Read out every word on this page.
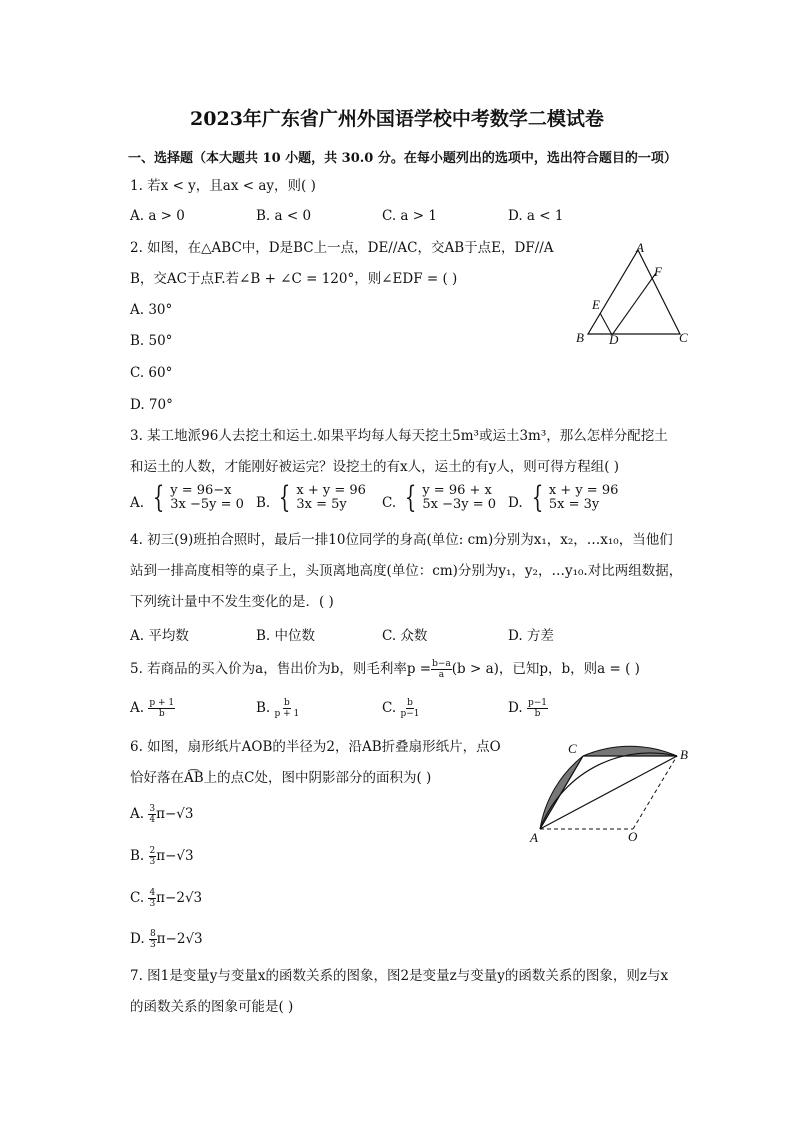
2023年广东省广州外国语学校中考数学二模试卷
一、选择题（本大题共 10 小题，共 30.0 分。在每小题列出的选项中，选出符合题目的一项）
1. 若x < y，且ax < ay，则( )
A. a > 0	B. a < 0	C. a > 1	D. a < 1
2. 如图，在△ABC中，D是BC上一点，DE//AC，交AB于点E，DF//A
B，交AC于点F.若∠B + ∠C = 120°，则∠EDF = ( )
A. 30°
B. 50°
C. 60°
D. 70°
A
B	C
D
E
F
3. 某工地派96人去挖土和运土.如果平均每人每天挖土5m³或运土3m³，那么怎样分配挖土
和运土的人数，才能刚好被运完？设挖土的有x人，运土的有y人，则可得方程组( )
A. { y = 96−x
3x −5y = 0 B. { x + y = 96
3x = 5y	C. { y = 96 + x
5x −3y = 0 D. { x + y = 96
5x = 3y
4. 初三(9)班拍合照时，最后一排10位同学的身高(单位: cm)分别为x₁，x₂，…x₁₀，当他们
站到一排高度相等的桌子上，头顶离地高度(单位：cm)分别为y₁，y₂，…y₁₀.对比两组数据，
下列统计量中不发生变化的是．( )
A. 平均数	B. 中位数	C. 众数	D. 方差
5. 若商品的买入价为a，售出价为b，则毛利率$p = \frac{b-a}{a} (b > a)$，已知p，b，则a = ( )
A. $\frac{p + 1}{b}$	B. $\frac{b}{p + 1}$	C. $\frac{b}{p-1}$	D. $\frac{p-1}{b}$
6. 如图，扇形纸片AOB的半径为2，沿AB折叠扇形纸片，点O
恰好落在A͡B上的点C处，图中阴影部分的面积为( )
A. $\frac{3}{4} \pi-√3$
B. $\frac{2}{3} \pi-√3$
C. $\frac{4}{3} \pi-2√3$
D. $\frac{8}{3} \pi-2√3$
A
B
C
O
7. 图1是变量y与变量x的函数关系的图象，图2是变量z与变量y的函数关系的图象，则z与x
的函数关系的图象可能是( )
